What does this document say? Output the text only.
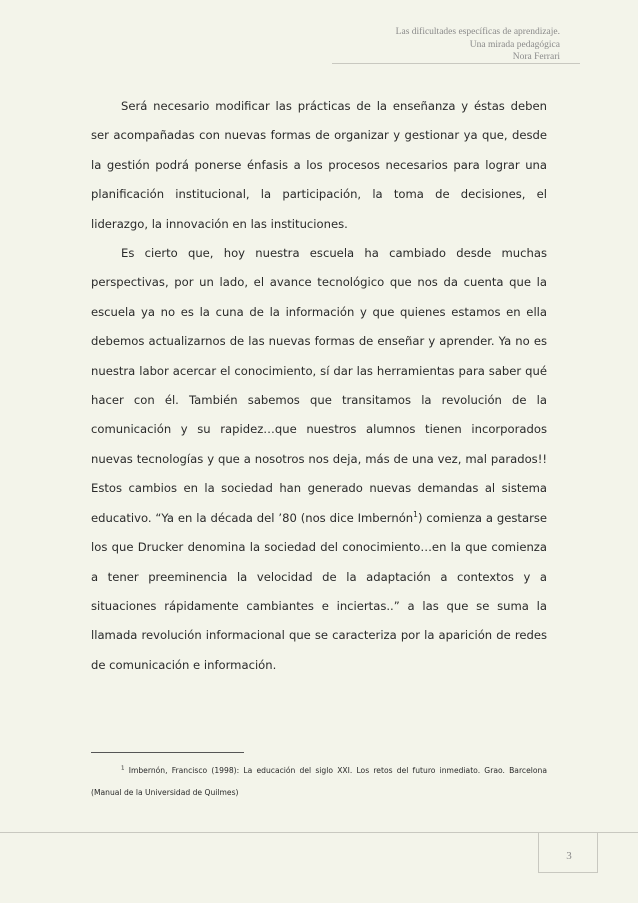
Las dificultades específicas de aprendizaje.
Una mirada pedagógica
Nora Ferrari

Será necesario modificar las prácticas de la enseñanza y éstas deben ser acompañadas con nuevas formas de organizar y gestionar ya que, desde la gestión podrá ponerse énfasis a los procesos necesarios para lograr una planificación institucional, la participación, la toma de decisiones, el liderazgo, la innovación en las instituciones.

Es cierto que, hoy nuestra escuela ha cambiado desde muchas perspectivas, por un lado, el avance tecnológico que nos da cuenta que la escuela ya no es la cuna de la información y que quienes estamos en ella debemos actualizarnos de las nuevas formas de enseñar y aprender. Ya no es nuestra labor acercar el conocimiento, sí dar las herramientas para saber qué hacer con él. También sabemos que transitamos la revolución de la comunicación y su rapidez…que nuestros alumnos tienen incorporados nuevas tecnologías y que a nosotros nos deja, más de una vez, mal parados!! Estos cambios en la sociedad han generado nuevas demandas al sistema educativo. “Ya en la década del ’80 (nos dice Imbernón$^1$) comienza a gestarse los que Drucker denomina la sociedad del conocimiento…en la que comienza a tener preeminencia la velocidad de la adaptación a contextos y a situaciones rápidamente cambiantes e inciertas..” a las que se suma la llamada revolución informacional que se caracteriza por la aparición de redes de comunicación e información.

$^1$ Imbernón, Francisco (1998): La educación del siglo XXI. Los retos del futuro inmediato. Grao. Barcelona (Manual de la Universidad de Quilmes)

3
